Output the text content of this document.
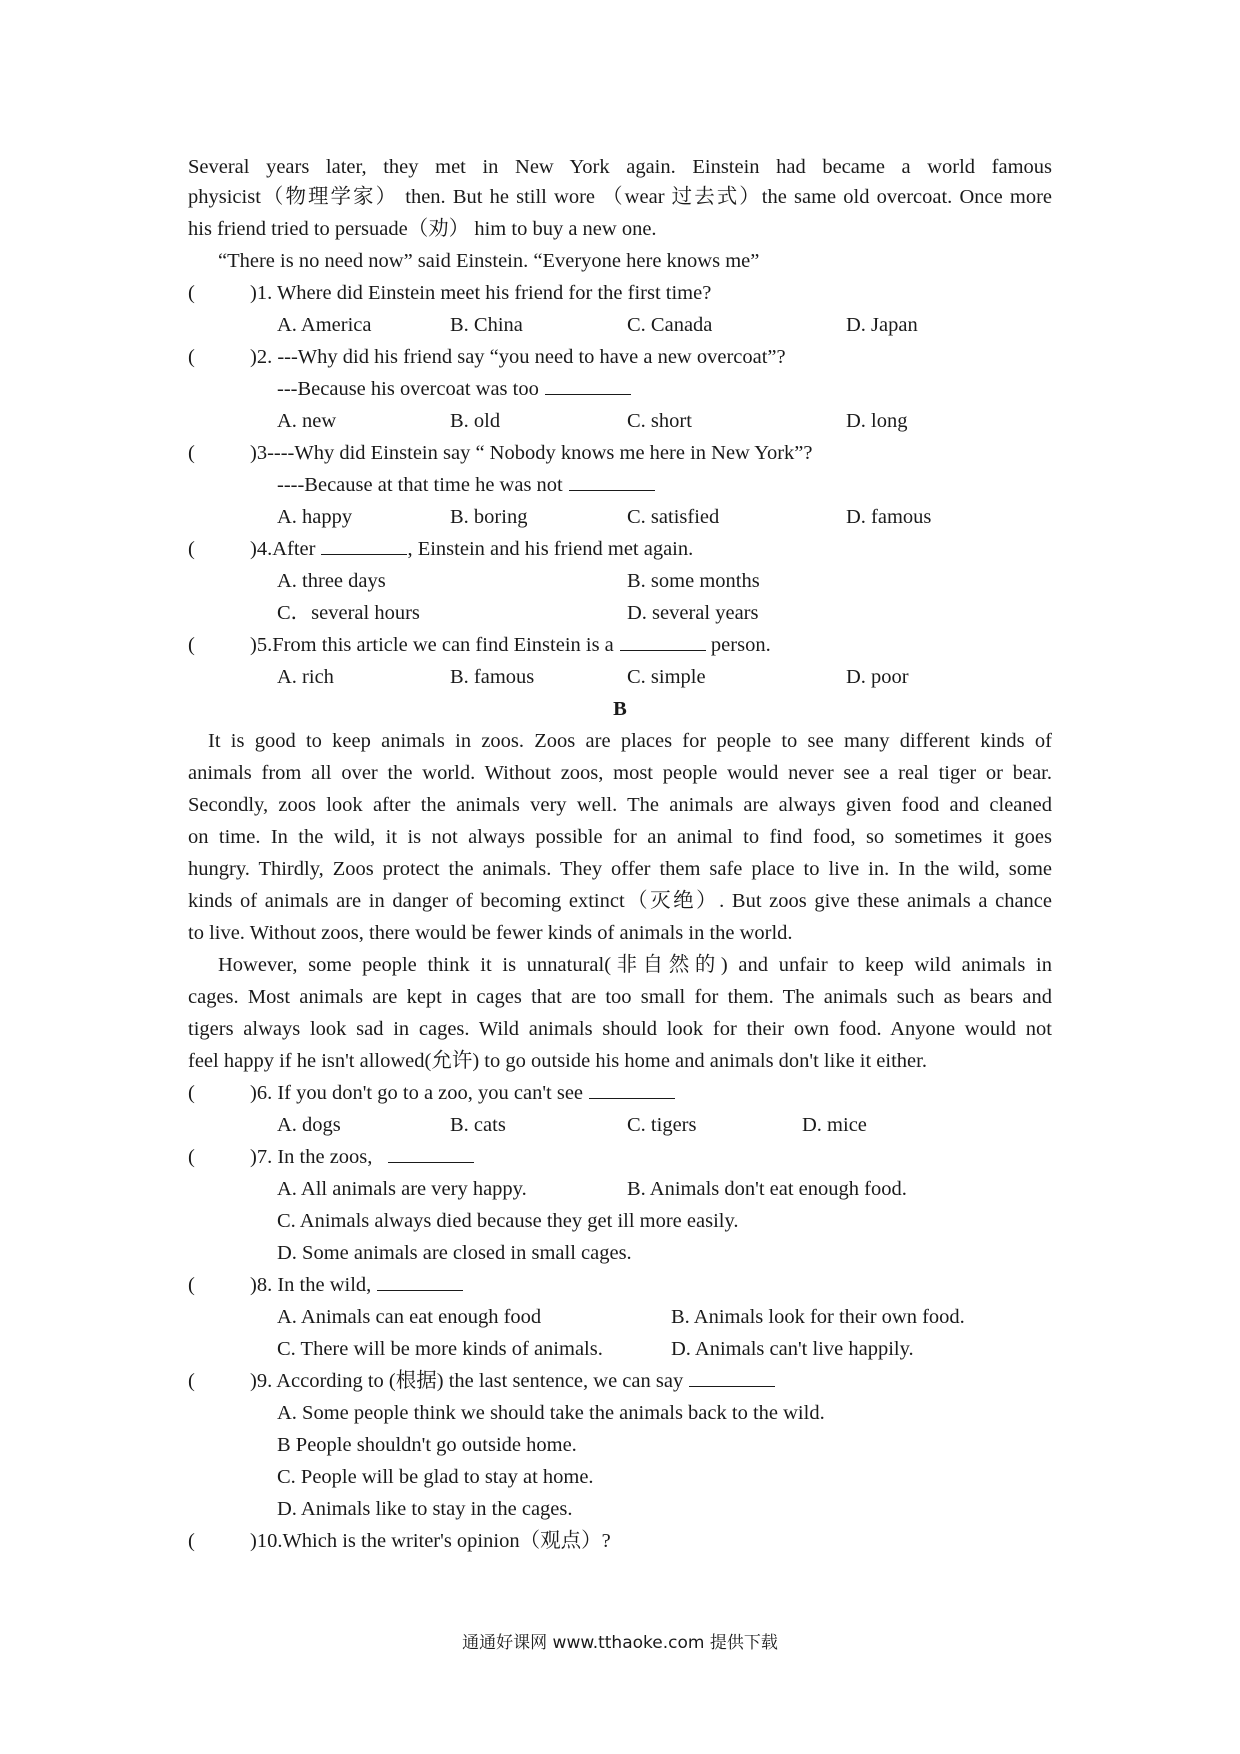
Several years later, they met in New York again. Einstein had became a world famous
physicist（物理学家） then. But he still wore （wear 过去式）the same old overcoat. Once more
his friend tried to persuade（劝） him to buy a new one.
“There is no need now” said Einstein. “Everyone here knows me”
(	)1. Where did Einstein meet his friend for the first time?
A. America	B. China	C. Canada	D. Japan
(	)2. ---Why did his friend say “you need to have a new overcoat”?
---Because his overcoat was too
A. new	B. old	C. short	D. long
(	)3----Why did Einstein say “ Nobody knows me here in New York”?
----Because at that time he was not
A. happy	B. boring	C. satisfied	D. famous
(	)4.After	, Einstein and his friend met again.
A. three days	B. some months
C．several hours	D. several years
(	)5.From this article we can find Einstein is a	person.
A. rich	B. famous	C. simple	D. poor
B
It is good to keep animals in zoos. Zoos are places for people to see many different kinds of
animals from all over the world. Without zoos, most people would never see a real tiger or bear.
Secondly, zoos look after the animals very well. The animals are always given food and cleaned
on time. In the wild, it is not always possible for an animal to find food, so sometimes it goes
hungry. Thirdly, Zoos protect the animals. They offer them safe place to live in. In the wild, some
kinds of animals are in danger of becoming extinct（灭绝）. But zoos give these animals a chance
to live. Without zoos, there would be fewer kinds of animals in the world.
However, some people think it is unnatural(非自然的) and unfair to keep wild animals in
cages. Most animals are kept in cages that are too small for them. The animals such as bears and
tigers always look sad in cages. Wild animals should look for their own food. Anyone would not
feel happy if he isn't allowed(允许) to go outside his home and animals don't like it either.
(	)6. If you don't go to a zoo, you can't see
A. dogs	B. cats	C. tigers	D. mice
(	)7. In the zoos,
A. All animals are very happy.	B. Animals don't eat enough food.
C. Animals always died because they get ill more easily.
D. Some animals are closed in small cages.
(	)8. In the wild,
A. Animals can eat enough food	B. Animals look for their own food.
C. There will be more kinds of animals.	D. Animals can't live happily.
(	)9. According to (根据) the last sentence, we can say
A. Some people think we should take the animals back to the wild.
B People shouldn't go outside home.
C. People will be glad to stay at home.
D. Animals like to stay in the cages.
(	)10.Which is the writer's opinion（观点）?
通通好课网 www.tthaoke.com 提供下载
